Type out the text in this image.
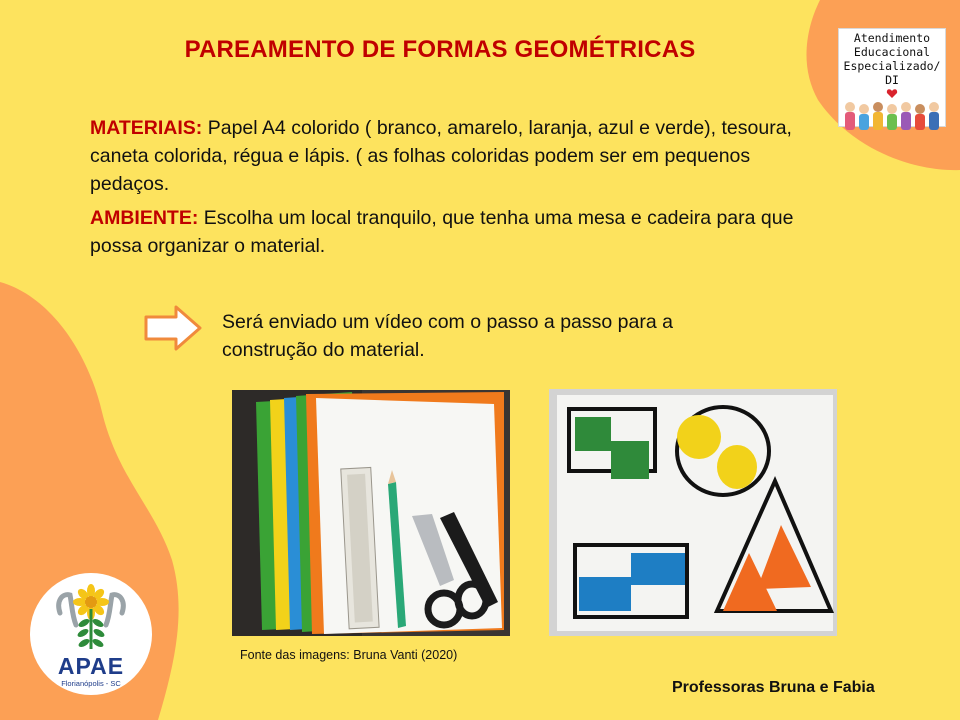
PAREAMENTO DE FORMAS GEOMÉTRICAS

MATERIAIS: Papel A4 colorido ( branco, amarelo, laranja, azul e verde), tesoura, caneta colorida, régua e lápis. ( as folhas coloridas podem ser em pequenos pedaços.

AMBIENTE: Escolha um local tranquilo, que tenha uma mesa e cadeira para que possa organizar o material.

Será enviado um vídeo com o passo a passo para a construção do material.

Fonte das imagens: Bruna Vanti (2020)

Professoras Bruna e Fabia

Atendimento
Educacional
Especializado/ DI

APAE

Florianópolis - SC
